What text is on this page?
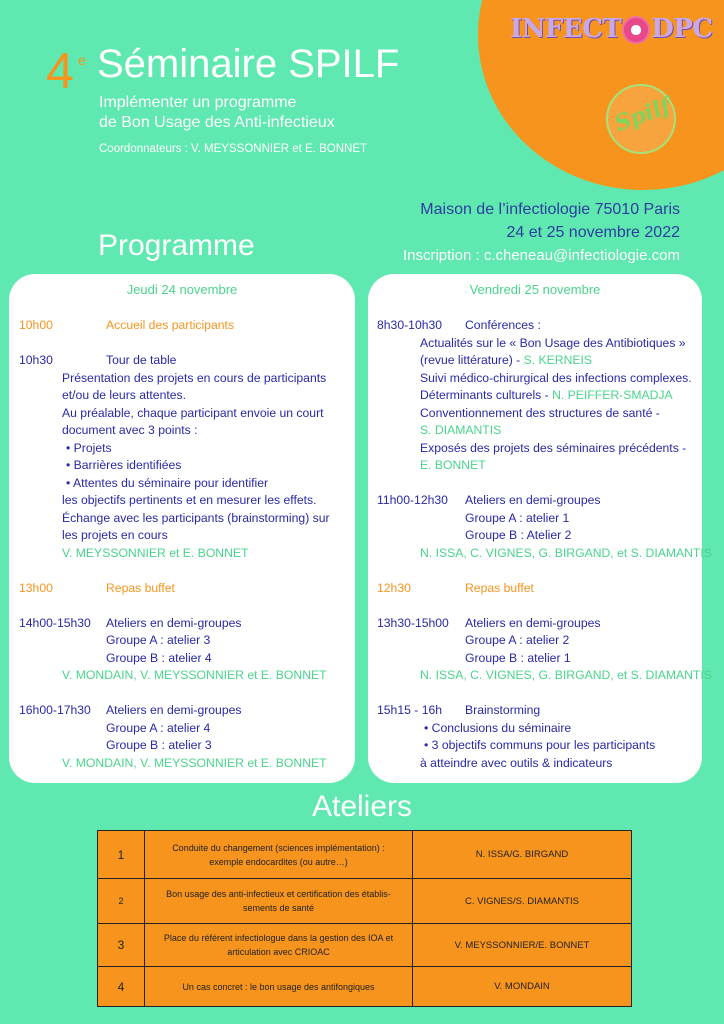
INFECT DPC
Spilf
4 e Séminaire SPILF
Implémenter un programme
de Bon Usage des Anti-infectieux
Coordonnateurs : V. MEYSSONNIER et E. BONNET
Maison de l’infectiologie 75010 Paris
24 et 25 novembre 2022
Inscription : c.cheneau@infectiologie.com
Programme
Jeudi 24 novembre
10h00	Accueil des participants
10h30	Tour de table
Présentation des projets en cours de participants
et/ou de leurs attentes.
Au préalable, chaque participant envoie un court
document avec 3 points :
• Projets
• Barrières identifiées
• Attentes du séminaire pour identifier
les objectifs pertinents et en mesurer les effets.
Échange avec les participants (brainstorming) sur
les projets en cours
V. MEYSSONNIER et E. BONNET
13h00	Repas buffet
14h00-15h30 Ateliers en demi-groupes
Groupe A : atelier 3
Groupe B : atelier 4
V. MONDAIN, V. MEYSSONNIER et E. BONNET
16h00-17h30 Ateliers en demi-groupes
Groupe A : atelier 4
Groupe B : atelier 3
V. MONDAIN, V. MEYSSONNIER et E. BONNET
Vendredi 25 novembre
8h30-10h30 Conférences :
Actualités sur le « Bon Usage des Antibiotiques »
(revue littérature) - S. KERNEIS
Suivi médico-chirurgical des infections complexes.
Déterminants culturels - N. PEIFFER-SMADJA
Conventionnement des structures de santé -
S. DIAMANTIS
Exposés des projets des séminaires précédents -
E. BONNET
11h00-12h30 Ateliers en demi-groupes
Groupe A : atelier 1
Groupe B : Atelier 2
N. ISSA, C. VIGNES, G. BIRGAND, et S. DIAMANTIS
12h30	Repas buffet
13h30-15h00 Ateliers en demi-groupes
Groupe A : atelier 2
Groupe B : atelier 1
N. ISSA, C. VIGNES, G. BIRGAND, et S. DIAMANTIS
15h15 - 16h Brainstorming
• Conclusions du séminaire
• 3 objectifs communs pour les participants
à atteindre avec outils & indicateurs
Ateliers
1	Conduite du changement (sciences implémentation) :
exemple endocardites (ou autre…)	N. ISSA/G. BIRGAND
2	Bon usage des anti-infectieux et certification des établis-
sements de santé	C. VIGNES/S. DIAMANTIS
3	Place du référent infectiologue dans la gestion des IOA et
articulation avec CRIOAC	V. MEYSSONNIER/E. BONNET
4	Un cas concret : le bon usage des antifongiques	V. MONDAIN
